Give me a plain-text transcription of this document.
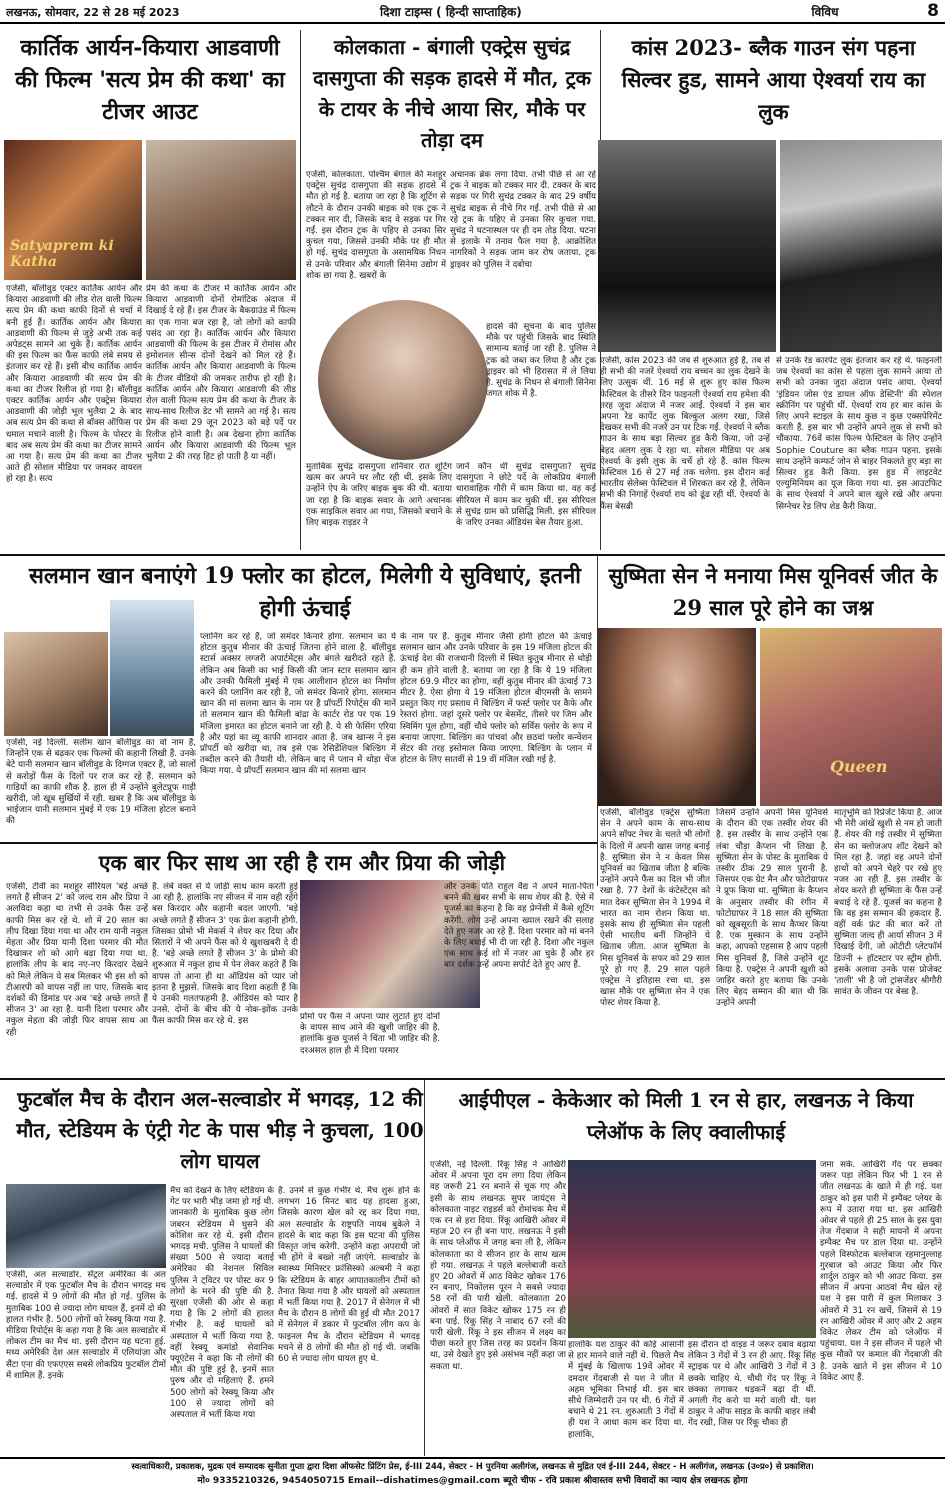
लखनऊ, सोमवार, 22 से 28 मई 2023	दिशा टाइम्स ( हिन्दी साप्ताहिक)	विविध	8
कार्तिक आर्यन-कियारा आडवाणी की फिल्म 'सत्य प्रेम की कथा' का टीजर आउट
Satyaprem ki Katha
एजेंसी, बॉलीवुड एक्टर कार्तिक आर्यन और कियारा आडवाणी की लीड रोल वाली फिल्म सत्य प्रेम की कथा काफी दिनों से चर्चा में बनी हुई हैं। कार्तिक आर्यन और कियारा आडवाणी की फिल्म से जुड़े अभी तक कई अपेडट्स सामने आ चुके हैं। कार्तिक आर्यन की इस फिल्म का फैंस काफी लंबे समय से इंतजार कर रहे हैं। इसी बीच कार्तिक आर्यन और कियारा आडवाणी की सत्य प्रेम की कथा का टीजर रिलीज हो गया है। बॉलीवुड एक्टर कार्तिक आर्यन और एक्ट्रेस कियारा आडवाणी की जोड़ी भूल भुलैया 2 के बाद अब सत्य प्रेम की कथा से बॉक्स ऑफिस पर धमाल मचाने वाली है। फिल्म के पोस्टर के बाद अब सत्य प्रेम की कथा का टीजर सामने आ गया है। सत्य प्रेम की कथा का टीजर आते ही सोशल मीडिया पर जमकर वायरल हो रहा है। सत्य
प्रेम की कथा के टीजर में कार्तिक आर्यन और कियारा आडवाणी दोनों रोमांटिक अंदाज में दिखाई दे रहे हैं। इस टीजर के बैकग्राउंड में फिल्म का एक गाना बज रहा है, जो लोगों को काफी पसंद आ रहा है। कार्तिक आर्यन और कियारा आडवाणी की फिल्म के इस टीजर में रोमांस और इमोशनल सीन्स दोनों देखने को मिल रहे हैं। कार्तिक आर्यन और कियारा आडवाणी के फिल्म के टीजर वीडियो की जमकर तारीफ हो रही है। कार्तिक आर्यन और कियारा आडवाणी की लीड रोल वाली फिल्म सत्य प्रेम की कथा के टीजर के साथ-साथ रिलीज डेट भी सामने आ गई है। सत्य प्रेम की कथा 29 जून 2023 को बड़े पर्दे पर रिलीज होने वाली है। अब देखना होगा कार्तिक आर्यन और कियारा आडवाणी की फिल्म भूल भुलैया 2 की तरह हिट हो पाती है या नहीं।
कोलकाता - बंगाली एक्ट्रेस सुचंद्र दासगुप्ता की सड़क हादसे में मौत, ट्रक के टायर के नीचे आया सिर, मौके पर तोड़ा दम
एजेंसी, कोलकाता. पश्चिम बंगाल की मशहूर एक्ट्रेस सुचंद्र दासगुप्ता की सड़क हादसे में मौत हो गई है. बताया जा रहा है कि शूटिंग से लौटने के दौरान उनकी बाइक को एक ट्रक ने टक्कर मार दी, जिसके बाद वे सड़क पर गिर गईं. इस दौरान ट्रक के पहिए से उनका सिर कुचल गया, जिससे उनकी मौके पर ही मौत हो गई. सुचंद्र दासगुप्ता के असामयिक निधन से उनके परिवार और बंगाली सिनेमा उद्योग में शोक छा गया है. खबरों के
अचानक ब्रेक लगा दिया. तभी पीछे से आ रहे ट्रक ने बाइक को टक्कर मार दी. टक्कर के बाद सड़क पर गिरी सुचंद्र टक्कर के बाद 29 वर्षीय सुचंद्र बाइक से नीचे गिर गईं. तभी पीछे से आ रहे ट्रक के पहिए से उनका सिर कुचल गया. सुचंद्र ने घटनास्थल पर ही दम तोड़ दिया. घटना से इलाके में तनाव फैल गया है. आक्रोशित नागरिकों ने सड़क जाम कर रोष जताया. ट्रक ड्राइवर को पुलिस ने दबोचा
हादसे की सूचना के बाद पुलिस मौके पर पहुंची जिसके बाद स्थिति सामान्य बताई जा रही है. पुलिस ने ट्रक को जब्त कर लिया है और ट्रक ड्राइवर को भी हिरासत में ले लिया है. सुचंद्र के निधन से बंगाली सिनेमा जगत शोक में है.
मुताबिक सुचंद्र दासगुप्ता शनिवार रात शूटिंग खत्म कर अपने घर लौट रही थीं. इसके लिए उन्होंने ऐप के जरिए बाइक बुक की थी. बताया जा रहा है कि बाइक सवार के आगे अचानक एक साइकिल सवार आ गया, जिसको बचाने के लिए बाइक राइडर ने
जानें कौन थीं सुचंद्र दासगुप्ता? सुचंद्र दासगुप्ता ने छोटे पर्दे के लोकप्रिय बंगाली धारावाहिक गौरी में काम किया था. वह कई सीरियल में काम कर चुकी थीं. इस सीरियल से सुचंद्र ग्राम को प्रसिद्धि मिली. इस सीरियल के जरिए उनका ऑडियंस बेस तैयार हुआ.
कांस 2023- ब्लैक गाउन संग पहना सिल्वर हुड, सामने आया ऐश्वर्या राय का लुक
एजेंसी, कांस 2023 की जब से शुरुआत हुई है, तब से ही सभी की नजरें ऐश्वर्या राय बच्चन का लुक देखने के लिए उत्सुक थीं. 16 मई से शुरू हुए कांस फिल्म फेस्टिवल के तीसरे दिन फाइनली ऐश्वर्या राय हमेशा की तरह जुदा अंदाज में नजर आईं. ऐश्वर्या ने इस बार अपना रेड कार्पेट लुक बिल्कुल अलग रखा, जिसे देखकर सभी की नजरें उन पर टिक गईं. ऐश्वर्या ने ब्लैक गाउन के साथ बड़ा सिल्वर हुड कैरी किया, जो उन्हें बेहद अलग लुक दे रहा था. सोशल मीडिया पर अब ऐश्वर्या के इसी लुक के चर्चे हो रहे हैं. कांस फिल्म फेस्टिवल 16 से 27 मई तक चलेगा. इस दौरान कई भारतीय सेलेब्स फेस्टिवल में शिरकत कर रहे हैं, लेकिन सभी की निगाहें ऐश्वर्या राय को ढूंढ रही थीं. ऐश्वर्या के फैंस बेसब्री
से उनके रेड कारपेट लुक इंतजार कर रहे थे. फाइनली जब ऐश्वर्या का कांस से पहला लुक सामने आया तो सभी को उनका जुदा अंदाज पसंद आया. ऐश्वर्या 'इंडियन जोस एंड डायल ऑफ डेस्टिनी' की स्पेशल स्क्रीनिंग पर पहुंची थीं. ऐश्वर्या राय हर बार कांस के लिए अपने स्टाइल के साथ कुछ न कुछ एक्सपेरिमेंट करती हैं. इस बार भी उन्होंने अपने लुक से सभी को चौंकाया. 76वें कांस फिल्म फेस्टिवल के लिए उन्होंने Sophie Couture का ब्लैक गाउन पहना. इसके साथ उन्होंने कम्फर्ट जोन से बाहर निकलते हुए बड़ा सा सिल्वर हुड कैरी किया. इस हुड में लाइटवेट एल्युमिनियम का यूज किया गया था. इस आउटफिट के साथ ऐश्वर्या ने अपने बाल खुले रखे और अपना सिग्नेचर रेड लिप शेड कैरी किया.
सलमान खान बनाएंगे 19 फ्लोर का होटल, मिलेगी ये सुविधाएं, इतनी होगी ऊंचाई
एजेंसी, नई दिल्ली. सलीम खान बॉलीवुड का वो नाम हैं, जिन्होंने एक से बढ़कर एक फिल्मों की कहानी लिखी हैं. उनके बेटे यानी सलमान खान बॉलीवुड के दिग्गज एक्टर हैं, जो सालों से करोड़ों फैंस के दिलों पर राज कर रहे हैं. सलमान को गाड़ियों का काफी शौक है. हाल ही में उन्होंने बुलेटप्रूफ गाड़ी खरीदी, जो खूब सुर्खियों में रही. खबर है कि अब बॉलीवुड के भाईजान यानी सलमान मुंबई में एक 19 मंजिला होटल बनाने की
प्लानिंग कर रहे हैं, जो समंदर किनारे होगा. सलमान का ये होटल कुतुब मीनार की ऊंचाई जितना होने वाला है. बॉलीवुड स्टार्स अक्सर लग्जरी अपार्टमेंट्स और बंगले खरीदते रहते हैं. लेकिन अब किसी का भाई किसी की जान स्टार सलमान खान और उनकी फैमिली मुंबई में एक आलीशान होटल का निर्माण करने की प्लानिंग कर रही है, जो समंदर किनारे होगा. सलमान खान की मां सलमा खान के नाम पर है प्रॉपर्टी रिपोर्ट्स की मानें तो सलमान खान की फैमिली बांद्रा के कार्टर रोड पर एक 19 मंजिला इमारत का होटल बनाने जा रही है. ये सी फेसिंग एरिया है और यहां का व्यू काफी शानदार आता है. जब खान्स ने इस प्रॉपर्टी को खरीदा था, तब इसे एक रेसिडेंशियल बिल्डिंग में तब्दील करने की तैयारी थी. लेकिन बाद में प्लान में थोड़ा चेंज किया गया. ये प्रॉपर्टी सलमान खान की मां सलमा खान
के नाम पर है. कुतुब मीनार जैसी होगी होटल की ऊंचाई सलमान खान और उनके परिवार के इस 19 मंजिला होटल की ऊंचाई देश की राजधानी दिल्ली में स्थित कुतुब मीनार से थोड़ी ही कम होने वाली है. बताया जा रहा है कि ये 19 मंजिला होटल 69.9 मीटर का होगा, वहीं कुतुब मीनार की ऊंचाई 73 मीटर है. ऐसा होगा ये 19 मंजिला होटल बीएमसी के सामने प्रस्तुत किए गए प्रस्ताव में बिल्डिंग में फर्स्ट फ्लोर पर कैफे और रेस्तरां होगा. जहां दूसरे फ्लोर पर बेसमेंट, तीसरे पर जिम और स्विमिंग पूल होगा, वहीं चौथे फ्लोर को सर्विस फ्लोर के रूप में बनाया जाएगा. बिल्डिंग का पांचवां और छठवां फ्लोर कन्वेंशन सेंटर की तरह इस्तेमाल किया जाएगा. बिल्डिंग के प्लान में होटल के लिए सातवीं से 19 वीं मंजिल रखी गई है.
सुष्मिता सेन ने मनाया मिस यूनिवर्स जीत के 29 साल पूरे होने का जश्न
Queen
एजेंसी, बॉलीवुड एक्ट्रेस सुष्मिता सेन ने अपने काम के साथ-साथ अपने सॉफ्ट नेचर के चलते भी लोगों के दिलों में अपनी खास जगह बनाई है. सुष्मिता सेन ने न केवल मिस यूनिवर्स का खिताब जीता है बल्कि उन्होंने अपने फैंस का दिल भी जीत रखा है. 77 देशों के कंटेस्टेंट्स को मात देकर सुष्मिता सेन ने 1994 में भारत का नाम रोशन किया था. इसके साथ ही सुष्मिता सेन पहली ऐसी भारतीय बनीं जिन्होंने ये खिताब जीता. आज सुष्मिता के मिस यूनिवर्स के सफर को 29 साल पूरे हो गए हैं. 29 साल पहले एक्ट्रेस ने इतिहास रचा था. इस खास मौके पर सुष्मिता सेन ने एक पोस्ट शेयर किया है.
जिसमें उन्होंने अपनी मिस यूनिवर्स के दौरान की एक तस्वीर शेयर की है. इस तस्वीर के साथ उन्होंने एक लंबा चौड़ा कैप्शन भी लिखा है. सुष्मिता सेन के पोस्ट के मुताबिक ये तस्वीर ठीक 29 साल पुरानी है. जिसपर एक ग्रेट मैन और फोटोग्राफर ने प्रूफ किया था. सुष्मिता के कैप्शन के अनुसार तस्वीर की रंगीन में फोटोग्राफर ने 18 साल की सुष्मिता को खूबसूरती के साथ कैप्चर किया है. एक मुस्कान के साथ उन्होंने कहा, आपको एहसास है आप पहली मिस यूनिवर्स हैं, जिसे उन्होंने शूट किया है. एक्ट्रेस ने अपनी खुशी को जाहिर करते हुए बताया कि उनके लिए बेहद सम्मान की बात थी कि उन्होंने अपनी
मातृभूमि को रिप्रेजेंट किया है. आज भी मेरी आंखें खुशी से नम हो जाती हैं. शेयर की गई तस्वीर में सुष्मिता सेन का क्लोजअप शॉट देखने को मिल रहा है. जहां वह अपने दोनों हाथों को अपने चेहरे पर रखे हुए नजर आ रही हैं. इस तस्वीर के शेयर करते ही सुष्मिता के फैंस उन्हें बधाई दे रहे हैं. यूजर्स का कहना है कि वह इस सम्मान की हकदार हैं. वहीं वर्क फ्रंट की बात करें तो सुष्मिता जल्द ही आर्या सीजन 3 में दिखाई देंगी, जो ओटीटी प्लेटफॉर्म डिज्नी + हॉटस्टार पर स्ट्रीम होगी. इसके अलावा उनके पास प्रोजेक्ट 'ताली' भी है जो ट्रांसजेंडर श्रीगौरी सावंत के जीवन पर बेस्ड है.
एक बार फिर साथ आ रही है राम और प्रिया की जोड़ी
एजेंसी, टीवी का मशहूर सीरियल 'बड़े अच्छे लगते हैं सीजन 2' को जल्द राम और प्रिया ने अलविदा कहा था तभी से उनके फैंस उन्हें काफी मिस कर रहे थे. शो में 20 साल का लीप दिखा दिया गया था और राम यानी नकुल मेहता और प्रिया यानी दिशा परमार की मौत दिखाकर शो को आगे बढ़ा दिया गया था. हालांकि लीप के बाद नए-नए किरदार देखने को मिले लेकिन ये सब मिलकर भी इस शो को टीआरपी को वापस नहीं ला पाए. जिसके बाद दर्शकों की डिमांड पर अब 'बड़े अच्छे लगते हैं सीजन 3' आ रहा है. यानी दिशा परमार और नकुल मेहता की जोड़ी फिर वापस साथ आ रही
है. लंबे वक्त से ये जोड़ी साथ काम करती हुई आ रही है. हालांकि नए सीजन में नाम वही रहेंगे बस किरदार और कहानी बदल जाएगी. 'बड़े अच्छे लगते हैं सीजन 3' एक फ्रेश कहानी होगी. जिसका प्रोमो भी मेकर्स ने शेयर कर दिया और सितारों ने भी अपने फैंस को ये खुशखबरी दे दी है. 'बड़े अच्छे लगते हैं सीजन 3' के प्रोमो की शुरुआत में नकुल हाथ में पेन लेकर कहते हैं कि वापस तो आना ही था ऑडियंस को प्यार जो इतना है मुझसे. जिसके बाद दिशा कहती हैं कि ये उनकी गलतफहमी है. ऑडियंस को प्यार है उनसे. दोनों के बीच की ये नोक-झोंक उनके फैंस काफी मिस कर रहे थे. इस	प्रोमो पर फैंस ने अपना प्यार लुटाते हुए दोनों के वापस साथ आने की खुशी जाहिर की है. हालांकि कुछ यूजर्स ने चिंता भी जाहिर की है. दरअसल हाल ही में दिशा परमार
और उनके पति राहुल वैद्य ने अपने माता-पिता बनने की खबर सभी के साथ शेयर की है. ऐसे में यूजर्स का कहना है कि वह प्रेग्नेंसी में कैसे शूटिंग करेंगी. लोग उन्हें अपना ख्याल रखने की सलाह देते हुए नजर आ रहे हैं. दिशा परमार को मां बनने के लिए बधाई भी दी जा रही है. दिशा और नकुल एक साथ कई शो में नजर आ चुके हैं और हर बार दर्शक उन्हें अपना सपोर्ट देते हुए आए हैं.
फुटबॉल मैच के दौरान अल-सल्वाडोर में भगदड़, 12 की मौत, स्टेडियम के एंट्री गेट के पास भीड़ ने कुचला, 100 लोग घायल
एजेंसी, अल सल्वाडोर. सेंट्रल अमेरिका के अल सल्वाडोर में एक फुटबॉल मैच के दौरान भगदड़ मच गई. हादसे में 9 लोगों की मौत हो गई. पुलिस के मुताबिक 100 से ज्यादा लोग घायल हैं, इनमें दो की हालत गंभीर है. 500 लोगों को रेस्क्यू किया गया है. मीडिया रिपोर्ट्स के कहा गया है कि अल सल्वाडोर में लोकल टीम का मैच था. इसी दौरान यह घटना हुई. मध्य अमेरिकी देश अल सल्वाडोर में एलियांज़ा और सैंटा एना की एफएएस सबसे लोकप्रिय फुटबॉल टीमों में शामिल हैं. इनके
मैच को देखने के लिए स्टेडियम के गेट पर भारी भीड़ जमा हो गई थी. जानकारी के मुताबिक कुछ लोग जबरन स्टेडियम में घुसने की कोशिश कर रहे थे. इसी दौरान भगदड़ मची. पुलिस ने घायलों की संख्या 500 से ज्यादा बताई अमेरिका की नेशनल सिविल पुलिस ने ट्विटर पर पोस्ट कर 9 लोगों के मरने की पुष्टि की है. सुरक्षा एजेंसी की ओर से कहा गया है कि 2 लोगों की हालत गंभीर है. कई घायलों को अस्पताल में भर्ती किया गया है. वहीं रेस्क्यू कमांडो सेवानिक फ्यूएंटेस ने कहा कि नौ लोगों की मौत की पुष्टि हुई है, इनमें सात पुरुष और दो महिलाएं हैं. हमने 500 लोगों को रेस्क्यू किया और 100 से ज्यादा लोगों को अस्पताल में भर्ती किया गया
है. उनमें से कुछ गंभीर थे. मैच शुरू होने के लगभग 16 मिनट बाद यह हादसा हुआ, जिसके कारण खेल को रद्द कर दिया गया. अल सल्वाडोर के राष्ट्रपति नायब बुकेले ने हादसे के बाद कहा कि इस घटना की पुलिस विस्तृत जांच करेगी. उन्होंने कहा अपराधी जो भी होंगे वे बख्शे नहीं जाएंगे. सल्वाडोर के स्वास्थ्य मिनिस्टर फ्रांसिस्को अल्बमी ने कहा कि स्टेडियम के बाहर आपातकालीन टीमों को तैनात किया गया है और घायलों को अस्पताल में भर्ती किया गया है. 2017 में सेनेगल में भी मैच के दौरान 8 लोगों की हुई थी मौत 2017 में सेनेगल में डकार में फुटबॉल लीग कप के फाइनल मैच के दौरान स्टेडियम में भगदड़ मचने से 8 लोगों की मौत हो गई थी. जबकि 60 से ज्यादा लोग घायल हुए थे.
आईपीएल - केकेआर को मिली 1 रन से हार, लखनऊ ने किया प्लेऑफ के लिए क्वालीफाई
एजेंसी, नई दिल्ली. रिंकू सिंह ने आखिरी ओवर में अपना पूरा दम लगा दिया लेकिन वह जरूरी 21 रन बनाने से चूक गए और इसी के साथ लखनऊ सुपर जायंट्स ने कोलकाता नाइट राइडर्स को रोमांचक मैच में एक रन से हरा दिया. रिंकू आखिरी ओवर में महज 20 रन ही बना पाए. लखनऊ ने इसी के साथ प्लेऑफ में जगह बना ली है, लेकिन कोलकाता का ये सीजन हार के साथ खत्म हो गया. लखनऊ ने पहले बल्लेबाजी करते हुए 20 ओवरों में आठ विकेट खोकर 176 रन बनाए, निकोलस पूरन ने सबसे ज्यादा 58 रनों की पारी खेली. कोलकाता 20 ओवरों में सात विकेट खोकर 175 रन ही बना पाई. रिंकू सिंह ने नाबाद 67 रनों की पारी खेली. रिंकू ने इस सीजन में लक्ष्य का पीछा करते हुए जिस तरह का प्रदर्शन किया था, उसे देखते हुए इसे असंभव नहीं कहा जा सकता था.
हालांकि यश ठाकुर की कोई आसानी से हार मानने वाले नहीं थे. पिछले मैच में मुंबई के खिलाफ 19वें ओवर में दमदार गेंदबाजी से यश ने जीत में अहम भूमिका निभाई थी. इस बार सीधे जिम्मेदारी उन पर थी. 6 गेंदों में बचाने थे 21 रन. शुरुआती 3 गेंदों में ही यश ने आधा काम कर दिया था. हालांकि,
इस दौरान दो वाइड ने जरूर दबाव बढ़ाया लेकिन 3 गेंदों में 3 रन ही आए. रिंकू सिंह स्ट्राइक पर थे और आखिरी 3 गेंदों में 3 छक्के चाहिए थे. चौथी गेंद पर रिंकू ने छक्का लगाकर धड़कनें बढ़ा दी थीं. अगली गेंद करो या मरो वाली थी. यश ठाकुर ने ऑफ साइड के काफी बाहर लंबी गेंद रखी, जिस पर रिंकू चौका ही
जमा सके. आखिरी गेंद पर छक्का जरूर पड़ा लेकिन फिर भी 1 रन से जीत लखनऊ के खाते में ही गई. यश ठाकुर को इस पारी में इम्पैक्ट प्लेयर के रूप में उतारा गया था. इस आखिरी ओवर से पहले ही 25 साल के इस युवा तेज गेंदबाज ने सही मायनों में अपना इम्पैक्ट मैच पर डाल दिया था. उन्होंने पहले विस्फोटक बल्लेबाज रहमानुल्लाह गुरबाज को आउट किया और फिर शार्दुल ठाकुर को भी आउट किया. इस सीजन में अपना आठवां मैच खेल रहे यश ने इस पारी में कुल मिलाकर 3 ओवरों में 31 रन खर्चे, जिसमें से 19 रन आखिरी ओवर में आए और 2 अहम विकेट लेकर टीम को प्लेऑफ में पहुंचाया. यश ने इस सीजन में पहले भी कुछ मौकों पर कमाल की गेंदबाजी की है. उनके खाते में इस सीजन में 10 विकेट आए हैं.
स्वत्वाधिकारी, प्रकाशक, मुद्रक एवं सम्पादक सुनीता गुप्ता द्वारा दिशा ऑफसेट प्रिंटिंग प्रेस, ई-III 244, सेक्टर - H पुरनिया अलीगंज, लखनऊ से मुद्रित एवं ई-III 244, सेक्टर - H अलीगंज, लखनऊ (उ०प्र०) से प्रकाशित।
मो० 9335210326, 9454050715 Email--dishatimes@gmail.com ब्यूरो चीफ - रवि प्रकाश श्रीवास्तव सभी विवादों का न्याय क्षेत्र लखनऊ होगा
